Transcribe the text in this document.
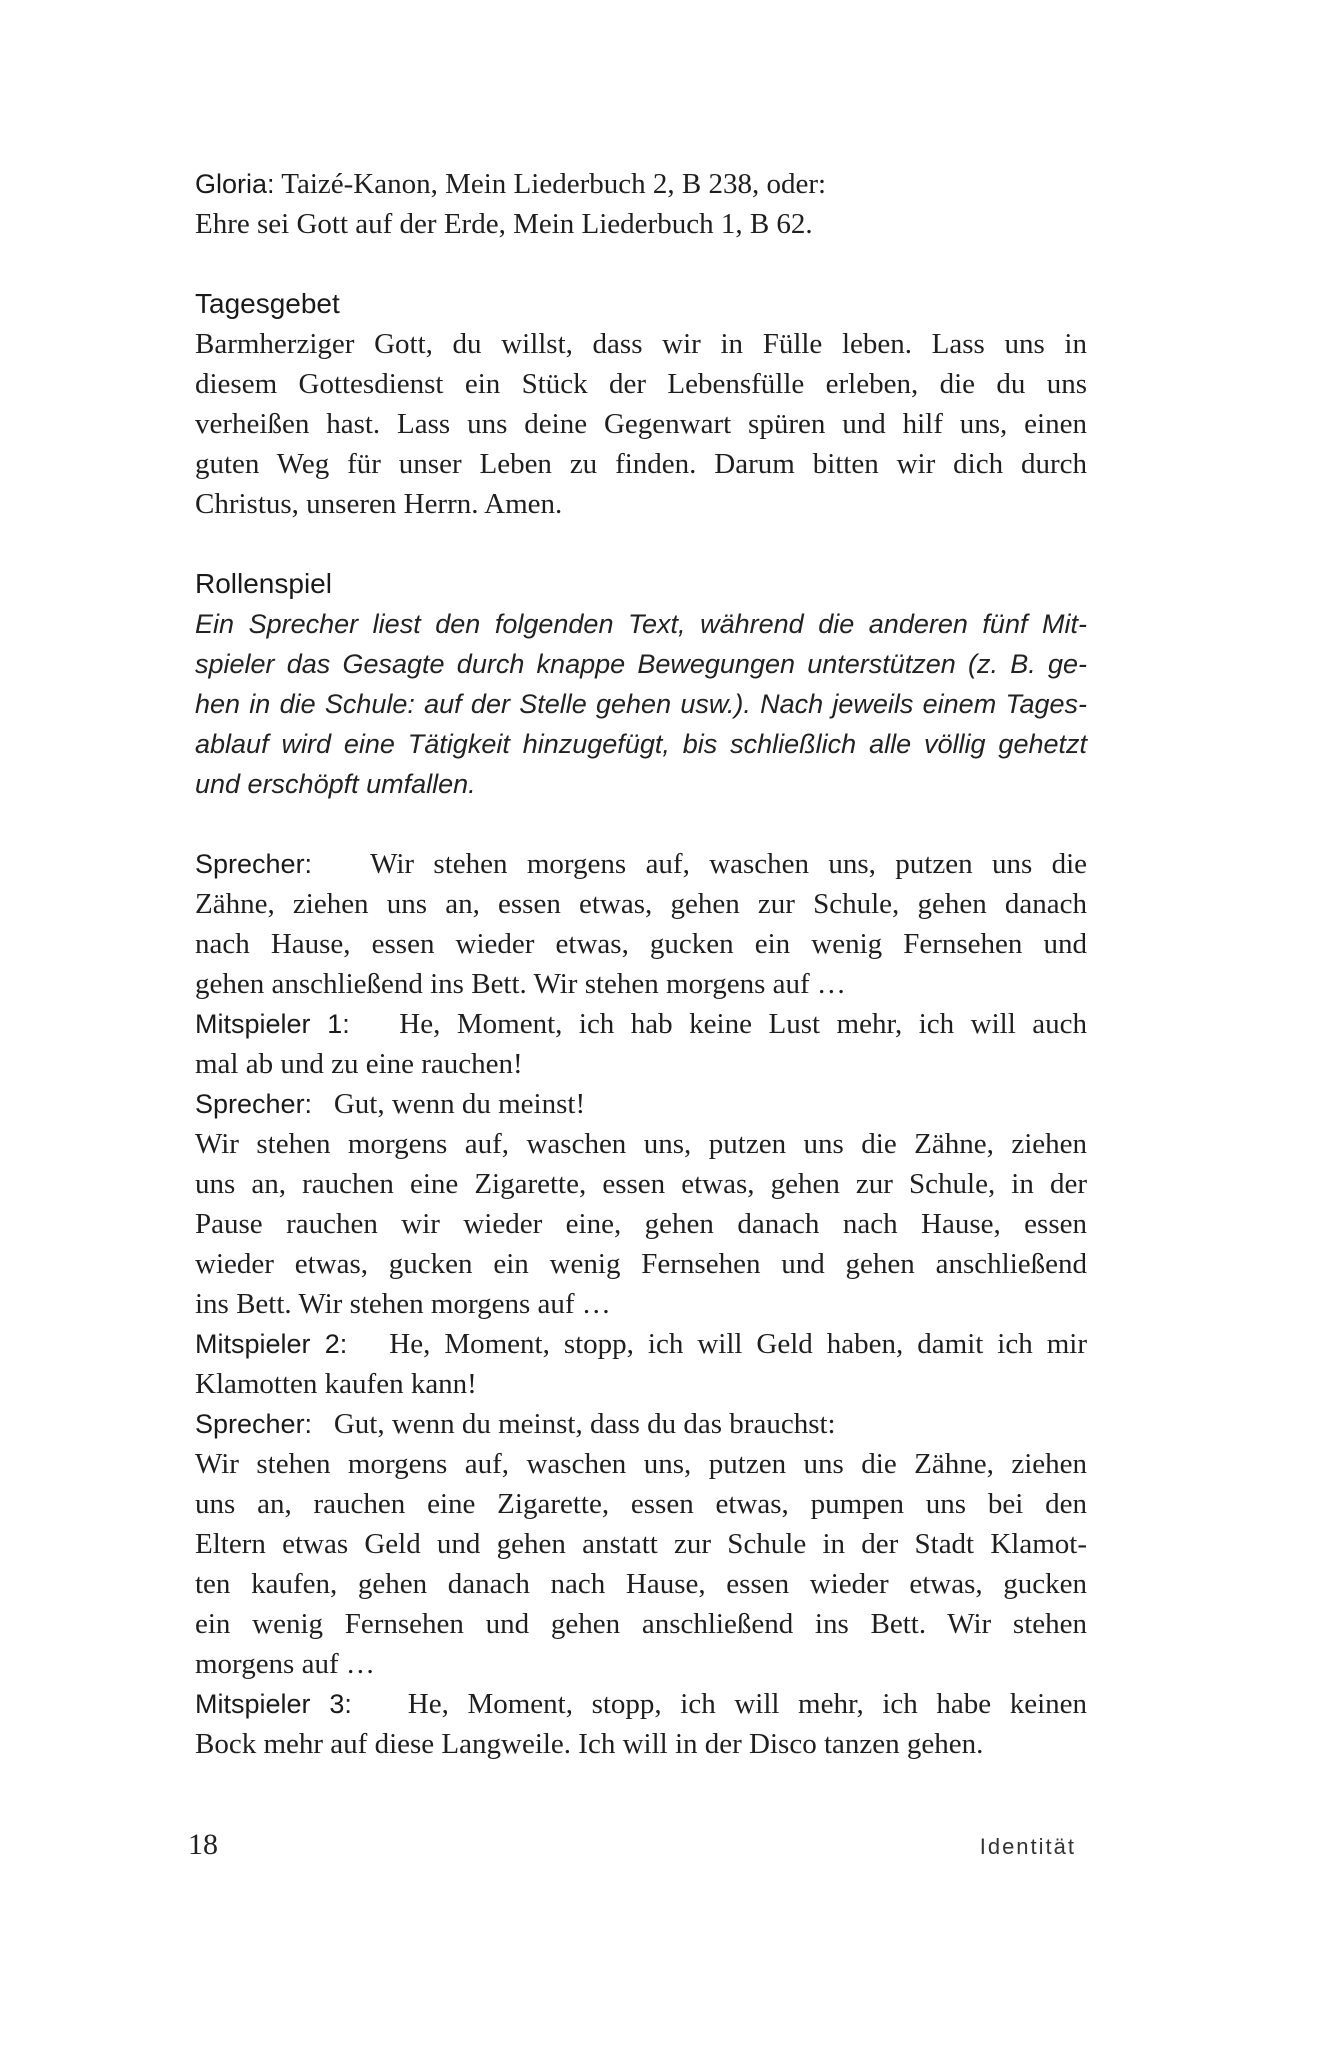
Gloria: Taizé-Kanon, Mein Liederbuch 2, B 238, oder:
Ehre sei Gott auf der Erde, Mein Liederbuch 1, B 62.
Tagesgebet
Barmherziger Gott, du willst, dass wir in Fülle leben. Lass uns in
diesem Gottesdienst ein Stück der Lebensfülle erleben, die du uns
verheißen hast. Lass uns deine Gegenwart spüren und hilf uns, einen
guten Weg für unser Leben zu finden. Darum bitten wir dich durch
Christus, unseren Herrn. Amen.
Rollenspiel
Ein Sprecher liest den folgenden Text, während die anderen fünf Mit-
spieler das Gesagte durch knappe Bewegungen unterstützen (z. B. ge-
hen in die Schule: auf der Stelle gehen usw.). Nach jeweils einem Tages-
ablauf wird eine Tätigkeit hinzugefügt, bis schließlich alle völlig gehetzt
und erschöpft umfallen.
Sprecher: Wir stehen morgens auf, waschen uns, putzen uns die
Zähne, ziehen uns an, essen etwas, gehen zur Schule, gehen danach
nach Hause, essen wieder etwas, gucken ein wenig Fernsehen und
gehen anschließend ins Bett. Wir stehen morgens auf …
Mitspieler 1: He, Moment, ich hab keine Lust mehr, ich will auch
mal ab und zu eine rauchen!
Sprecher: Gut, wenn du meinst!
Wir stehen morgens auf, waschen uns, putzen uns die Zähne, ziehen
uns an, rauchen eine Zigarette, essen etwas, gehen zur Schule, in der
Pause rauchen wir wieder eine, gehen danach nach Hause, essen
wieder etwas, gucken ein wenig Fernsehen und gehen anschließend
ins Bett. Wir stehen morgens auf …
Mitspieler 2: He, Moment, stopp, ich will Geld haben, damit ich mir
Klamotten kaufen kann!
Sprecher: Gut, wenn du meinst, dass du das brauchst:
Wir stehen morgens auf, waschen uns, putzen uns die Zähne, ziehen
uns an, rauchen eine Zigarette, essen etwas, pumpen uns bei den
Eltern etwas Geld und gehen anstatt zur Schule in der Stadt Klamot-
ten kaufen, gehen danach nach Hause, essen wieder etwas, gucken
ein wenig Fernsehen und gehen anschließend ins Bett. Wir stehen
morgens auf …
Mitspieler 3: He, Moment, stopp, ich will mehr, ich habe keinen
Bock mehr auf diese Langweile. Ich will in der Disco tanzen gehen.
18	Identität
